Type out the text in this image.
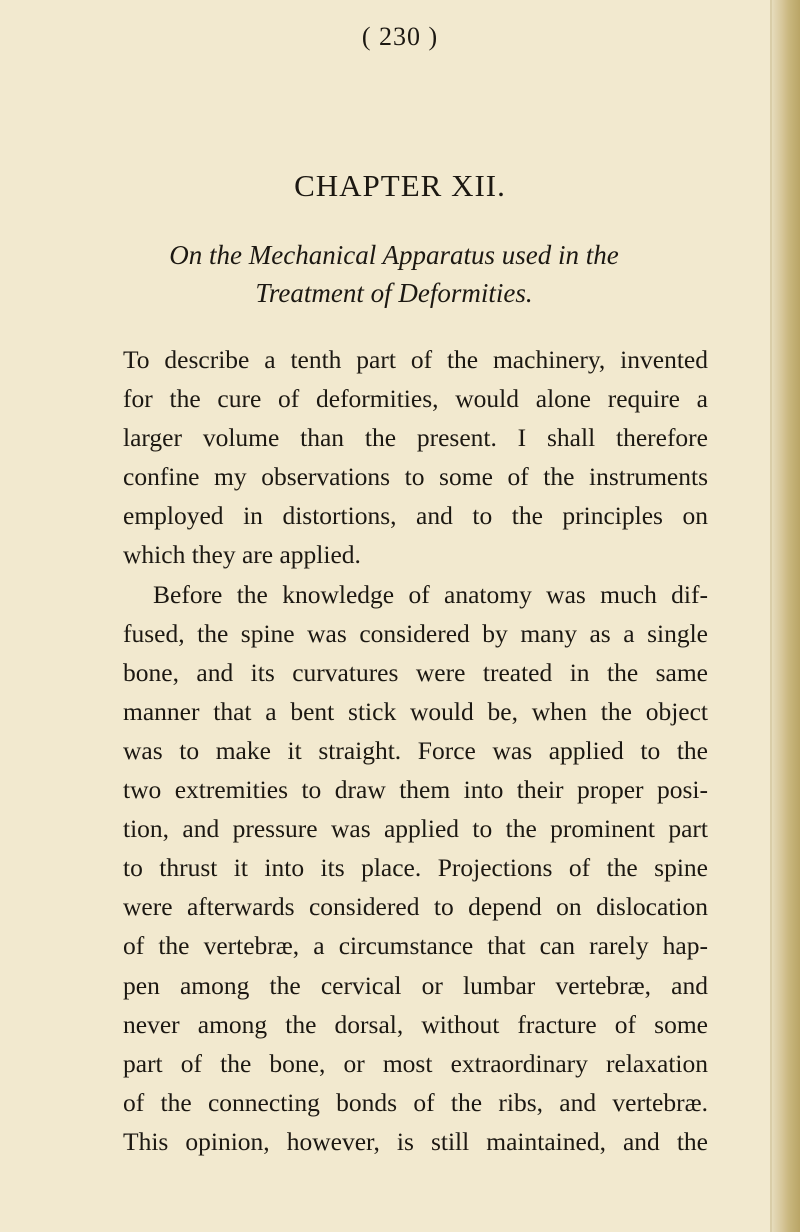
( 230 )
CHAPTER XII.
On the Mechanical Apparatus used in the
Treatment of Deformities.
To describe a tenth part of the machinery, invented
for the cure of deformities, would alone require a
larger volume than the present. I shall therefore
confine my observations to some of the instruments
employed in distortions, and to the principles on
which they are applied.
Before the knowledge of anatomy was much dif-
fused, the spine was considered by many as a single
bone, and its curvatures were treated in the same
manner that a bent stick would be, when the object
was to make it straight. Force was applied to the
two extremities to draw them into their proper posi-
tion, and pressure was applied to the prominent part
to thrust it into its place. Projections of the spine
were afterwards considered to depend on dislocation
of the vertebræ, a circumstance that can rarely hap-
pen among the cervical or lumbar vertebræ, and
never among the dorsal, without fracture of some
part of the bone, or most extraordinary relaxation
of the connecting bonds of the ribs, and vertebræ.
This opinion, however, is still maintained, and the
